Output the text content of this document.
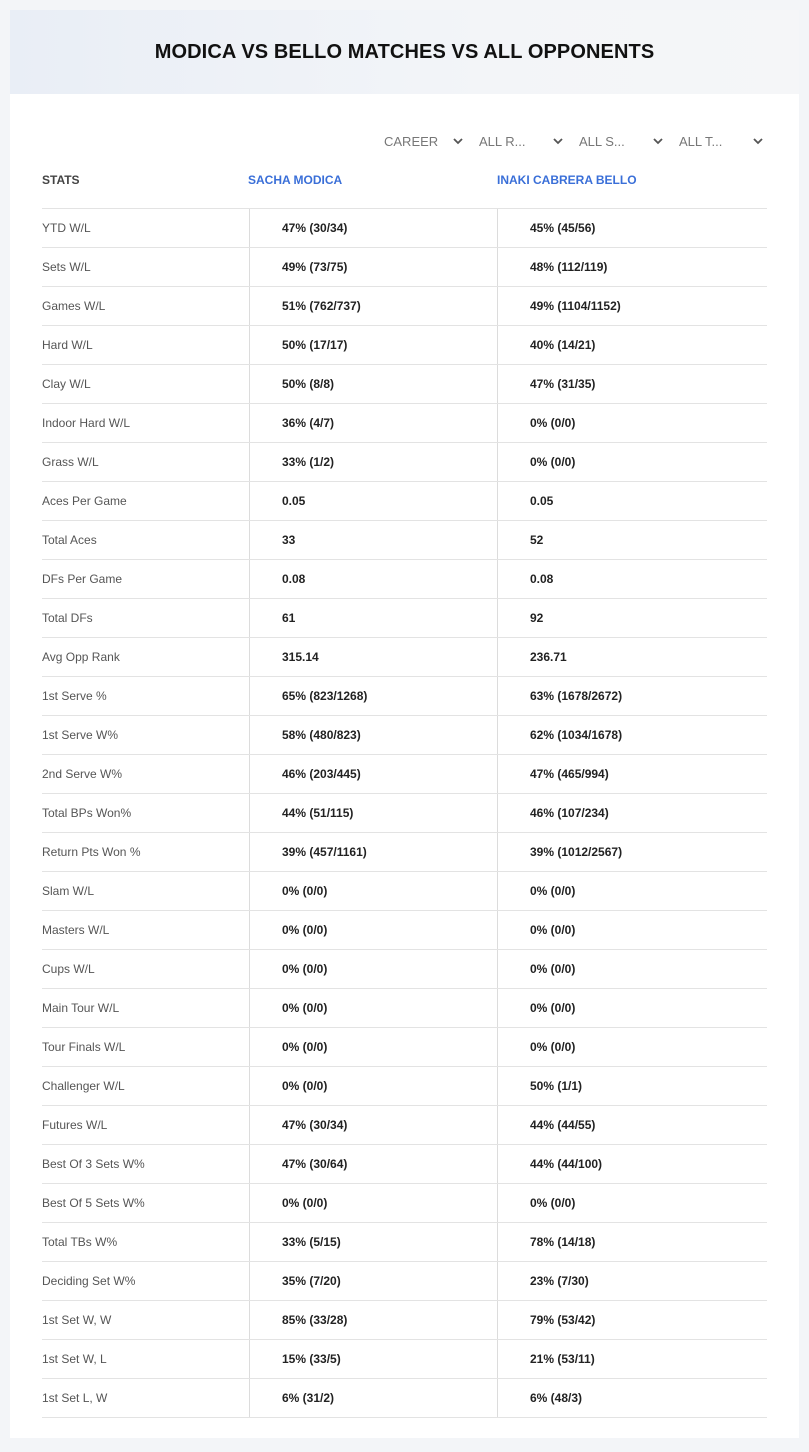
MODICA VS BELLO MATCHES VS ALL OPPONENTS
CAREER	ALL R...	ALL S...	ALL T...
STATS	SACHA MODICA	INAKI CABRERA BELLO
YTD W/L	47% (30/34)	45% (45/56)
Sets W/L	49% (73/75)	48% (112/119)
Games W/L	51% (762/737)	49% (1104/1152)
Hard W/L	50% (17/17)	40% (14/21)
Clay W/L	50% (8/8)	47% (31/35)
Indoor Hard W/L	36% (4/7)	0% (0/0)
Grass W/L	33% (1/2)	0% (0/0)
Aces Per Game	0.05	0.05
Total Aces	33	52
DFs Per Game	0.08	0.08
Total DFs	61	92
Avg Opp Rank	315.14	236.71
1st Serve %	65% (823/1268)	63% (1678/2672)
1st Serve W%	58% (480/823)	62% (1034/1678)
2nd Serve W%	46% (203/445)	47% (465/994)
Total BPs Won%	44% (51/115)	46% (107/234)
Return Pts Won %	39% (457/1161)	39% (1012/2567)
Slam W/L	0% (0/0)	0% (0/0)
Masters W/L	0% (0/0)	0% (0/0)
Cups W/L	0% (0/0)	0% (0/0)
Main Tour W/L	0% (0/0)	0% (0/0)
Tour Finals W/L	0% (0/0)	0% (0/0)
Challenger W/L	0% (0/0)	50% (1/1)
Futures W/L	47% (30/34)	44% (44/55)
Best Of 3 Sets W%	47% (30/64)	44% (44/100)
Best Of 5 Sets W%	0% (0/0)	0% (0/0)
Total TBs W%	33% (5/15)	78% (14/18)
Deciding Set W%	35% (7/20)	23% (7/30)
1st Set W, W	85% (33/28)	79% (53/42)
1st Set W, L	15% (33/5)	21% (53/11)
1st Set L, W	6% (31/2)	6% (48/3)
